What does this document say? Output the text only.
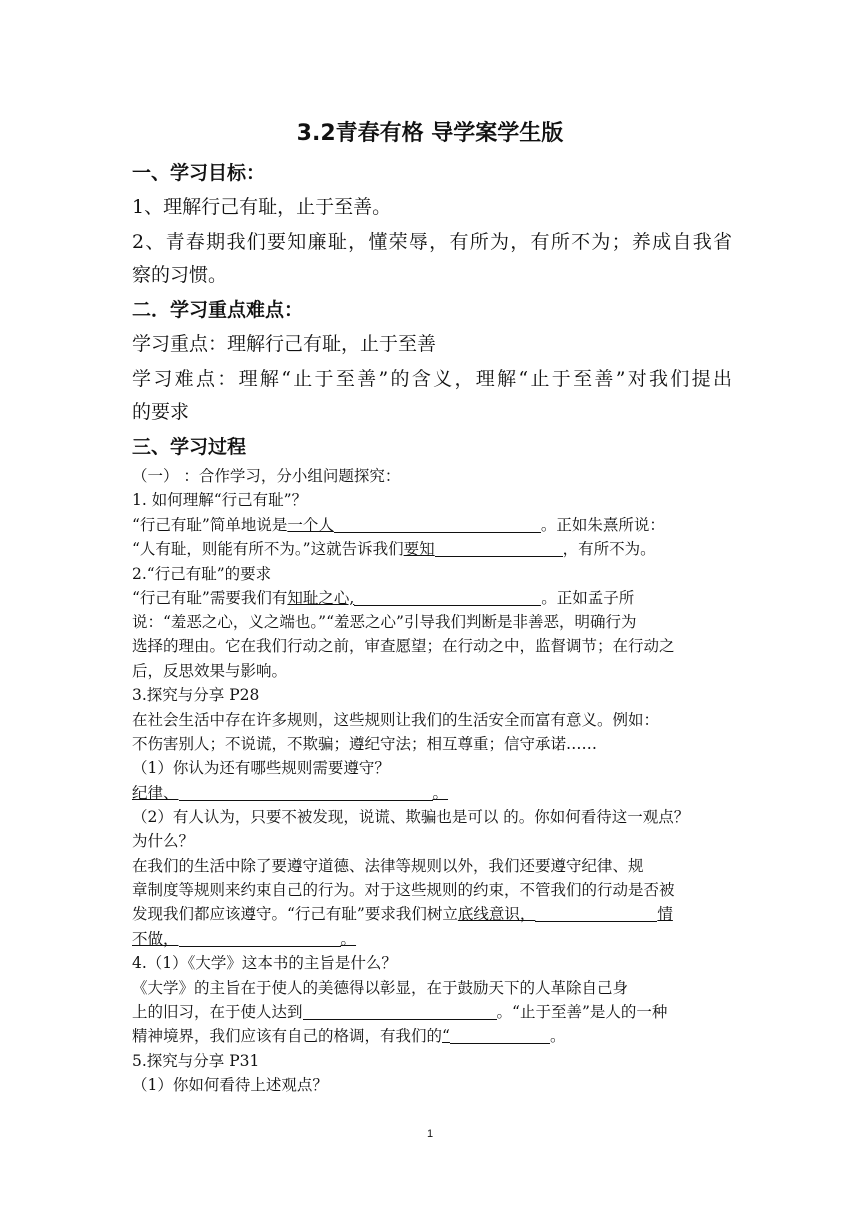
3.2青春有格 导学案学生版
一、学习目标：
1、理解行己有耻，止于至善。
2、青春期我们要知廉耻，懂荣辱，有所为，有所不为；养成自我省
察的习惯。
二．学习重点难点：
学习重点：理解行己有耻，止于至善
学习难点：理解“止于至善”的含义，理解“止于至善”对我们提出
的要求
三、学习过程
（一） ：合作学习，分小组问题探究：
1. 如何理解“行己有耻”？
“行己有耻”简单地说是一个人	。正如朱熹所说：
“人有耻，则能有所不为。”这就告诉我们要知	，有所不为。
2.“行己有耻”的要求
“行己有耻”需要我们有知耻之心,	。正如孟子所
说：“羞恶之心，义之端也。”“羞恶之心”引导我们判断是非善恶，明确行为
选择的理由。它在我们行动之前，审查愿望；在行动之中，监督调节；在行动之
后，反思效果与影响。
3.探究与分享 P28
在社会生活中存在许多规则，这些规则让我们的生活安全而富有意义。例如：
不伤害别人；不说谎，不欺骗；遵纪守法；相互尊重；信守承诺……
（1）你认为还有哪些规则需要遵守？
纪律、	。
（2）有人认为，只要不被发现，说谎、欺骗也是可以 的。你如何看待这一观点？
为什么？
在我们的生活中除了要遵守道德、法律等规则以外，我们还要遵守纪律、规
章制度等规则来约束自己的行为。对于这些规则的约束，不管我们的行动是否被
发现我们都应该遵守。“行己有耻”要求我们树立底线意识，	情
不做，	。
4.（1）《大学》这本书的主旨是什么？
《大学》的主旨在于使人的美德得以彰显，在于鼓励天下的人革除自己身
上的旧习，在于使人达到	。“止于至善”是人的一种
精神境界，我们应该有自己的格调，有我们的“	。
5.探究与分享 P31
（1）你如何看待上述观点？
1
